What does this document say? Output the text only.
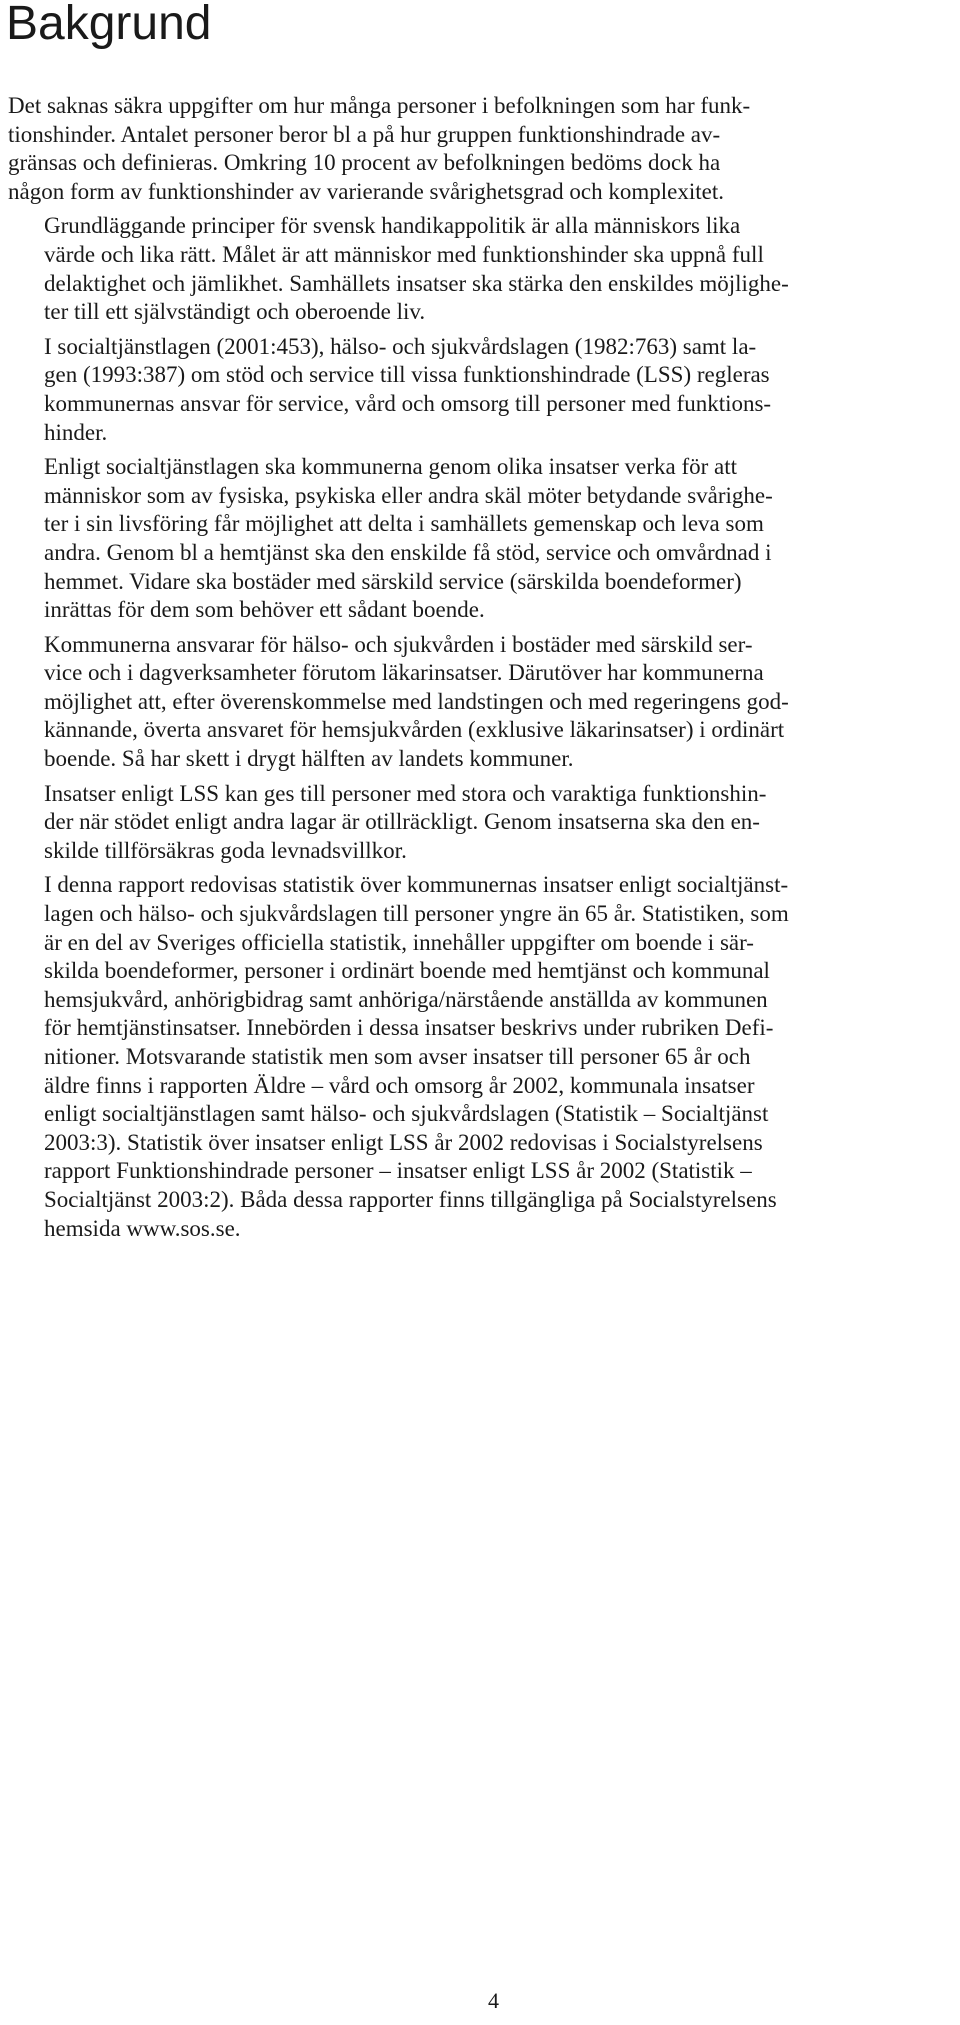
Bakgrund

Det saknas säkra uppgifter om hur många personer i befolkningen som har funk-
tionshinder. Antalet personer beror bl a på hur gruppen funktionshindrade av-
gränsas och definieras. Omkring 10 procent av befolkningen bedöms dock ha
någon form av funktionshinder av varierande svårighetsgrad och komplexitet.

Grundläggande principer för svensk handikappolitik är alla människors lika
värde och lika rätt. Målet är att människor med funktionshinder ska uppnå full
delaktighet och jämlikhet. Samhällets insatser ska stärka den enskildes möjlighe-
ter till ett självständigt och oberoende liv.

I socialtjänstlagen (2001:453), hälso- och sjukvårdslagen (1982:763) samt la-
gen (1993:387) om stöd och service till vissa funktionshindrade (LSS) regleras
kommunernas ansvar för service, vård och omsorg till personer med funktions-
hinder.

Enligt socialtjänstlagen ska kommunerna genom olika insatser verka för att
människor som av fysiska, psykiska eller andra skäl möter betydande svårighe-
ter i sin livsföring får möjlighet att delta i samhällets gemenskap och leva som
andra. Genom bl a hemtjänst ska den enskilde få stöd, service och omvårdnad i
hemmet. Vidare ska bostäder med särskild service (särskilda boendeformer)
inrättas för dem som behöver ett sådant boende.

Kommunerna ansvarar för hälso- och sjukvården i bostäder med särskild ser-
vice och i dagverksamheter förutom läkarinsatser. Därutöver har kommunerna
möjlighet att, efter överenskommelse med landstingen och med regeringens god-
kännande, överta ansvaret för hemsjukvården (exklusive läkarinsatser) i ordinärt
boende. Så har skett i drygt hälften av landets kommuner.

Insatser enligt LSS kan ges till personer med stora och varaktiga funktionshin-
der när stödet enligt andra lagar är otillräckligt. Genom insatserna ska den en-
skilde tillförsäkras goda levnadsvillkor.

I denna rapport redovisas statistik över kommunernas insatser enligt socialtjänst-
lagen och hälso- och sjukvårdslagen till personer yngre än 65 år. Statistiken, som
är en del av Sveriges officiella statistik, innehåller uppgifter om boende i sär-
skilda boendeformer, personer i ordinärt boende med hemtjänst och kommunal
hemsjukvård, anhörigbidrag samt anhöriga/närstående anställda av kommunen
för hemtjänstinsatser. Innebörden i dessa insatser beskrivs under rubriken Defi-
nitioner. Motsvarande statistik men som avser insatser till personer 65 år och
äldre finns i rapporten Äldre – vård och omsorg år 2002, kommunala insatser
enligt socialtjänstlagen samt hälso- och sjukvårdslagen (Statistik – Socialtjänst
2003:3). Statistik över insatser enligt LSS år 2002 redovisas i Socialstyrelsens
rapport Funktionshindrade personer – insatser enligt LSS år 2002 (Statistik –
Socialtjänst 2003:2). Båda dessa rapporter finns tillgängliga på Socialstyrelsens
hemsida www.sos.se.

4
